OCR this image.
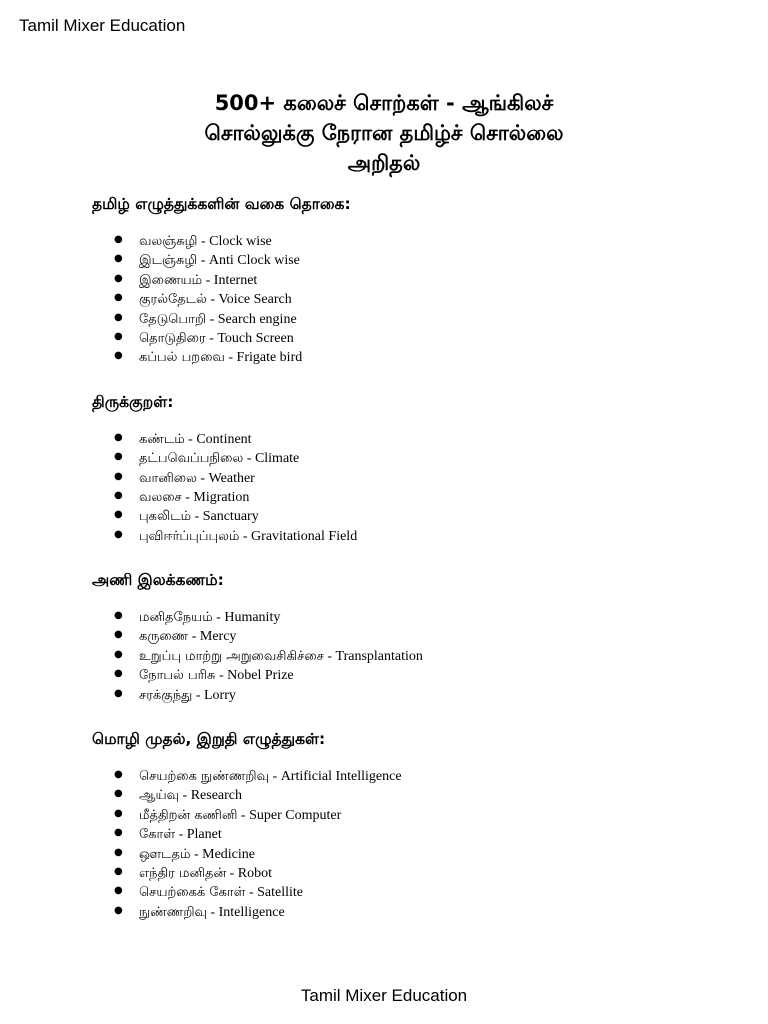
Tamil Mixer Education
500+ கலைச் சொற்கள் - ஆங்கிலச்
சொல்லுக்கு நேரான தமிழ்ச் சொல்லை
அறிதல்
தமிழ் எழுத்துக்களின் வகை தொகை:
● வலஞ்சுழி - Clock wise
● இடஞ்சுழி - Anti Clock wise
● இணையம் - Internet
● குரல்தேடல் - Voice Search
● தேடுபொறி - Search engine
● தொடுதிரை - Touch Screen
● கப்பல் பறவை - Frigate bird
திருக்குறள்:
● கண்டம் - Continent
● தட்பவெப்பநிலை - Climate
● வானிலை - Weather
● வலசை - Migration
● புகலிடம் - Sanctuary
● புவிஈர்ப்புப்புலம் - Gravitational Field
அணி இலக்கணம்:
● மனிதநேயம் - Humanity
● கருணை - Mercy
● உறுப்பு மாற்று அறுவைசிகிச்சை - Transplantation
● நோபல் பரிசு - Nobel Prize
● சரக்குந்து - Lorry
மொழி முதல், இறுதி எழுத்துகள்:
● செயற்கை நுண்ணறிவு - Artificial Intelligence
● ஆய்வு - Research
● மீத்திறன் கணினி - Super Computer
● கோள் - Planet
● ஔடதம் - Medicine
● எந்திர மனிதன் - Robot
● செயற்கைக் கோள் - Satellite
● நுண்ணறிவு - Intelligence
Tamil Mixer Education
